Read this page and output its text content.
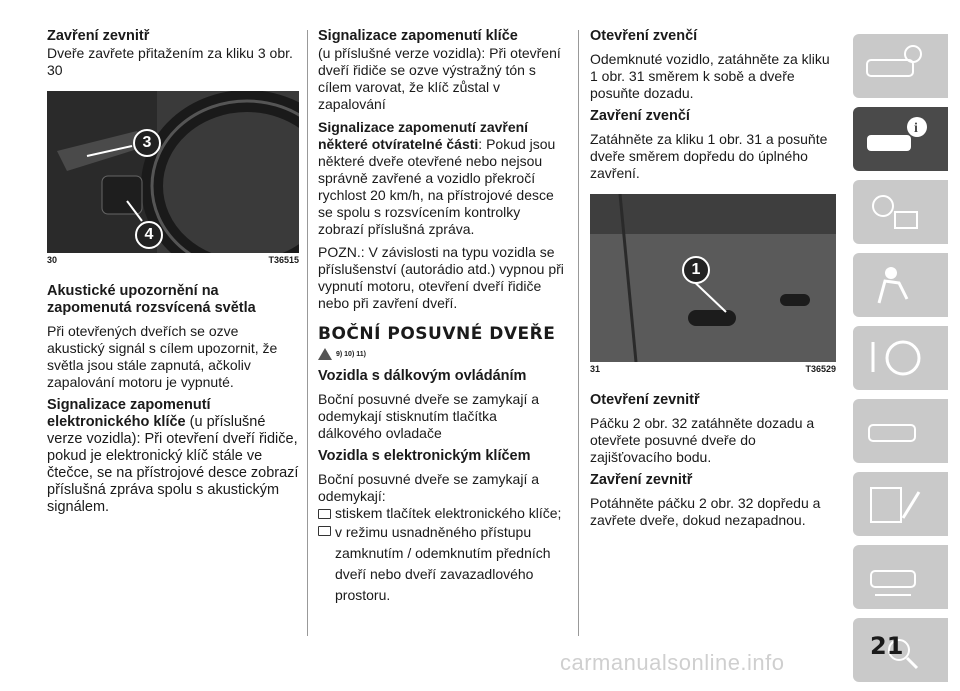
Zavření zevnitř

Dveře zavřete přitažením za kliku 3 obr. 30

3
4
30	T36515
Akustické upozornění na zapomenutá rozsvícená světla

Při otevřených dveřích se ozve akustický signál s cílem upozornit, že světla jsou stále zapnutá, ačkoliv zapalování motoru je vypnuté.

Signalizace zapomenutí elektronického klíče (u příslušné verze vozidla): Při otevření dveří řidiče, pokud je elektronický klíč stále ve čtečce, se na přístrojové desce zobrazí příslušná zpráva spolu s akustickým signálem.
Signalizace zapomenutí klíče

(u příslušné verze vozidla): Při otevření dveří řidiče se ozve výstražný tón s cílem varovat, že klíč zůstal v zapalování

Signalizace zapomenutí zavření některé otvíratelné části: Pokud jsou některé dveře otevřené nebo nejsou správně zavřené a vozidlo překročí rychlost 20 km/h, na přístrojové desce se spolu s rozsvícením kontrolky zobrazí příslušná zpráva.

POZN.: V závislosti na typu vozidla se příslušenství (autorádio atd.) vypnou při vypnutí motoru, otevření dveří řidiče nebo při zavření dveří.

BOČNÍ POSUVNÉ DVEŘE
9) 10) 11)
Vozidla s dálkovým ovládáním

Boční posuvné dveře se zamykají a odemykají stisknutím tlačítka dálkového ovladače

Vozidla s elektronickým klíčem

Boční posuvné dveře se zamykají a odemykají:

stiskem tlačítek elektronického klíče;

v režimu usnadněného přístupu zamknutím / odemknutím předních dveří nebo dveří zavazadlového prostoru.

Otevření zvenčí

Odemknuté vozidlo, zatáhněte za kliku 1 obr. 31 směrem k sobě a dveře posuňte dozadu.

Zavření zvenčí

Zatáhněte za kliku 1 obr. 31 a posuňte dveře směrem dopředu do úplného zavření.

1
31	T36529
Otevření zevnitř

Páčku 2 obr. 32 zatáhněte dozadu a otevřete posuvné dveře do zajišťovacího bodu.

Zavření zevnitř

Potáhněte páčku 2 obr. 32 dopředu a zavřete dveře, dokud nezapadnou.

i
21
carmanualsonline.info
